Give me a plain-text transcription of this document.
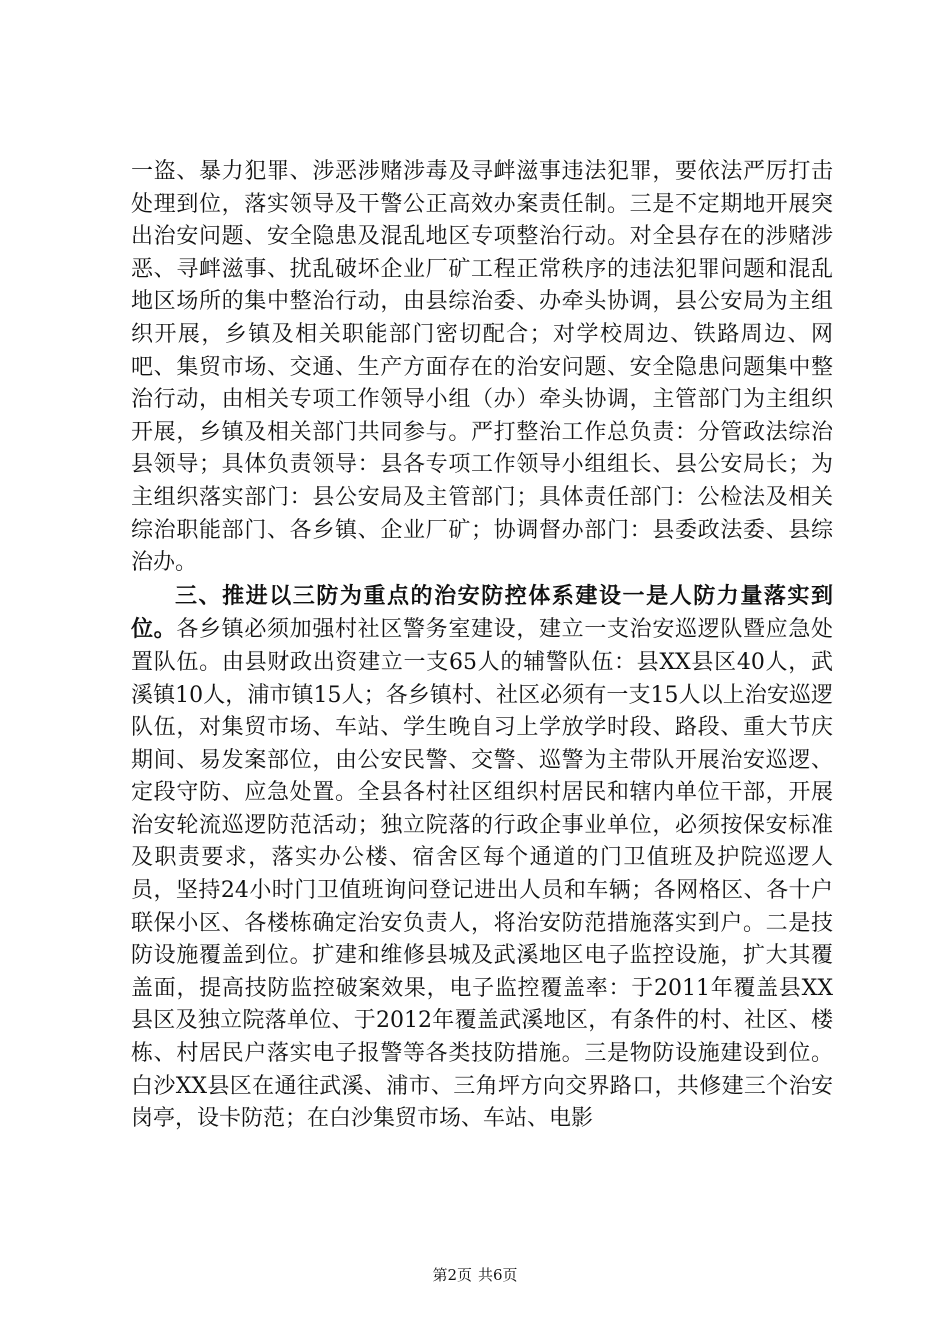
一盗、暴力犯罪、涉恶涉赌涉毒及寻衅滋事违法犯罪，要依法严厉打击处理到位，落实领导及干警公正高效办案责任制。三是不定期地开展突出治安问题、安全隐患及混乱地区专项整治行动。对全县存在的涉赌涉恶、寻衅滋事、扰乱破坏企业厂矿工程正常秩序的违法犯罪问题和混乱地区场所的集中整治行动，由县综治委、办牵头协调，县公安局为主组织开展，乡镇及相关职能部门密切配合；对学校周边、铁路周边、网吧、集贸市场、交通、生产方面存在的治安问题、安全隐患问题集中整治行动，由相关专项工作领导小组（办）牵头协调，主管部门为主组织开展，乡镇及相关部门共同参与。严打整治工作总负责：分管政法综治县领导；具体负责领导：县各专项工作领导小组组长、县公安局长；为主组织落实部门：县公安局及主管部门；具体责任部门：公检法及相关综治职能部门、各乡镇、企业厂矿；协调督办部门：县委政法委、县综治办。

三、推进以三防为重点的治安防控体系建设一是人防力量落实到位。各乡镇必须加强村社区警务室建设，建立一支治安巡逻队暨应急处置队伍。由县财政出资建立一支65人的辅警队伍：县XX县区40人，武溪镇10人，浦市镇15人；各乡镇村、社区必须有一支15人以上治安巡逻队伍，对集贸市场、车站、学生晚自习上学放学时段、路段、重大节庆期间、易发案部位，由公安民警、交警、巡警为主带队开展治安巡逻、定段守防、应急处置。全县各村社区组织村居民和辖内单位干部，开展治安轮流巡逻防范活动；独立院落的行政企事业单位，必须按保安标准及职责要求，落实办公楼、宿舍区每个通道的门卫值班及护院巡逻人员，坚持24小时门卫值班询问登记进出人员和车辆；各网格区、各十户联保小区、各楼栋确定治安负责人，将治安防范措施落实到户。二是技防设施覆盖到位。扩建和维修县城及武溪地区电子监控设施，扩大其覆盖面，提高技防监控破案效果，电子监控覆盖率：于2011年覆盖县XX县区及独立院落单位、于2012年覆盖武溪地区，有条件的村、社区、楼栋、村居民户落实电子报警等各类技防措施。三是物防设施建设到位。白沙XX县区在通往武溪、浦市、三角坪方向交界路口，共修建三个治安岗亭，设卡防范；在白沙集贸市场、车站、电影

第2页 共6页
